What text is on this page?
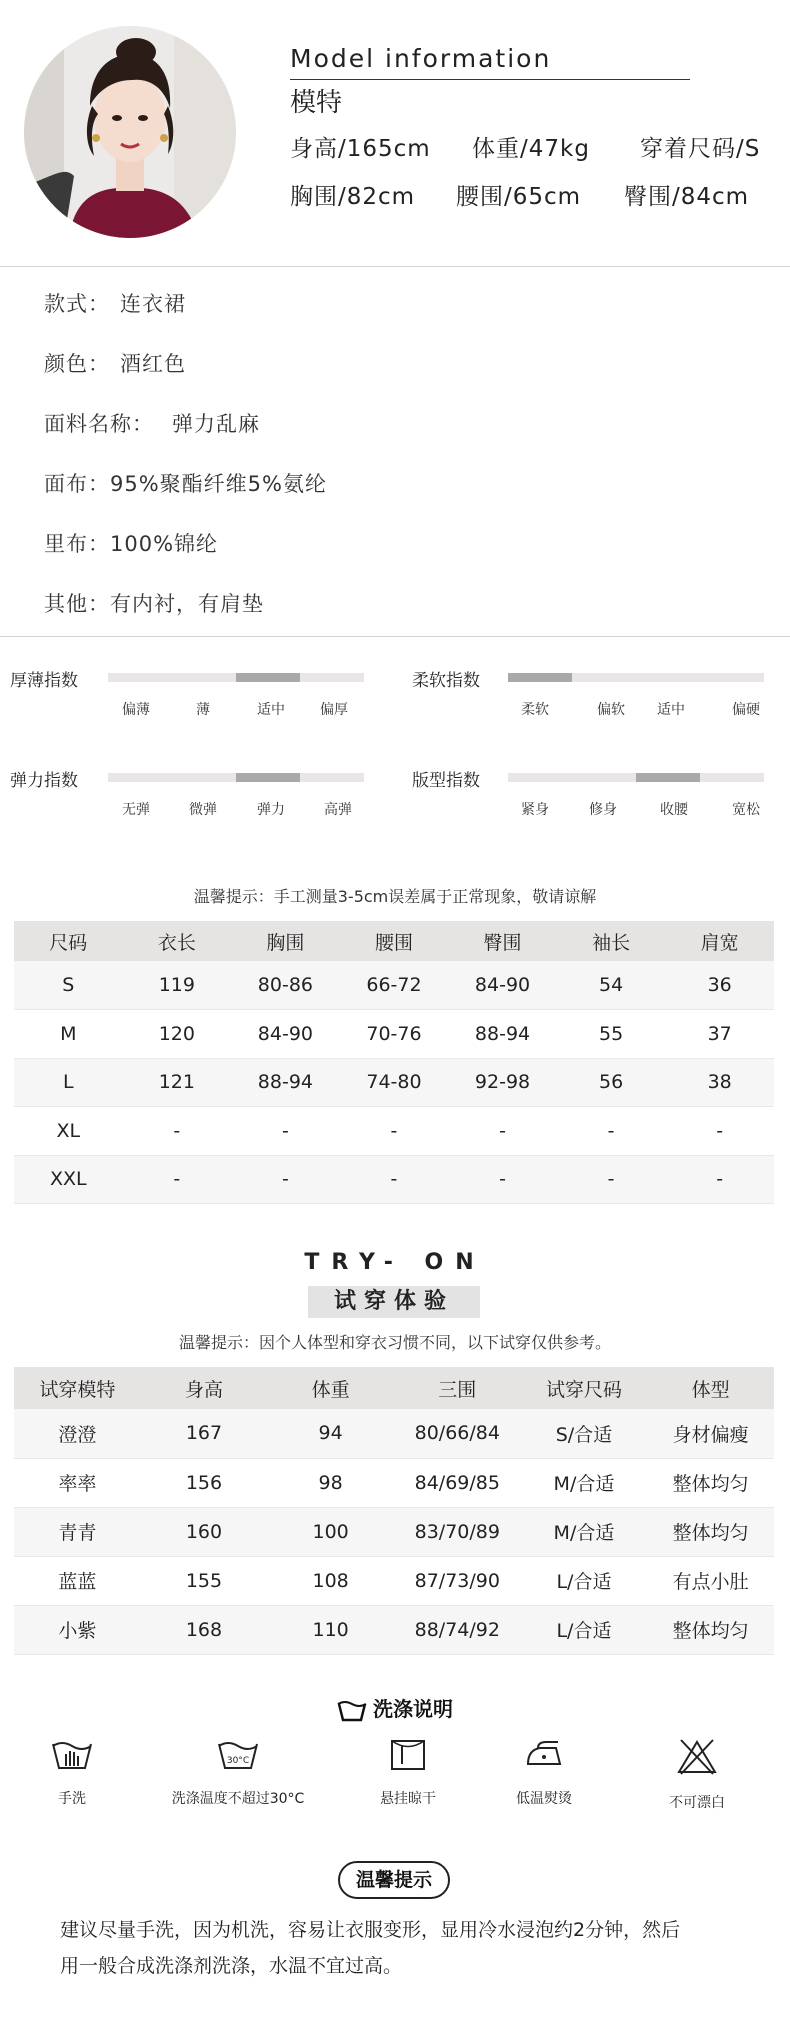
Model information
模特
身高/165cm 体重/47kg 穿着尺码/S
胸围/82cm 腰围/65cm 臀围/84cm
款式： 连衣裙
颜色： 酒红色
面料名称： 弹力乱麻
面布：95%聚酯纤维5%氨纶
里布：100%锦纶
其他：有内衬，有肩垫
厚薄指数
偏薄	薄	适中	偏厚
柔软指数
柔软	偏软 适中	偏硬
弹力指数
无弹	微弹	弹力	高弹
版型指数
紧身	修身	收腰	宽松
温馨提示：手工测量3-5cm误差属于正常现象，敬请谅解
尺码	衣长	胸围	腰围	臀围	袖长	肩宽
S	119	80-86	66-72	84-90	54	36
M	120	84-90	70-76	88-94	55	37
L	121	88-94	74-80	92-98	56	38
XL	-	-	-	-	-	-
XXL	-	-	-	-	-	-
TRY- ON
试穿体验
温馨提示：因个人体型和穿衣习惯不同，以下试穿仅供参考。
试穿模特	身高	体重	三围	试穿尺码	体型
澄澄	167	94	80/66/84	S/合适	身材偏瘦
率率	156	98	84/69/85	M/合适	整体均匀
青青	160	100	83/70/89	M/合适	整体均匀
蓝蓝	155	108	87/73/90	L/合适	有点小肚
小紫	168	110	88/74/92	L/合适	整体均匀
洗涤说明
手洗
30°C
洗涤温度不超过30°C	悬挂晾干	低温熨烫	不可漂白
温馨提示
建议尽量手洗，因为机洗，容易让衣服变形，显用冷水浸泡约2分钟，然后
用一般合成洗涤剂洗涤，水温不宜过高。
